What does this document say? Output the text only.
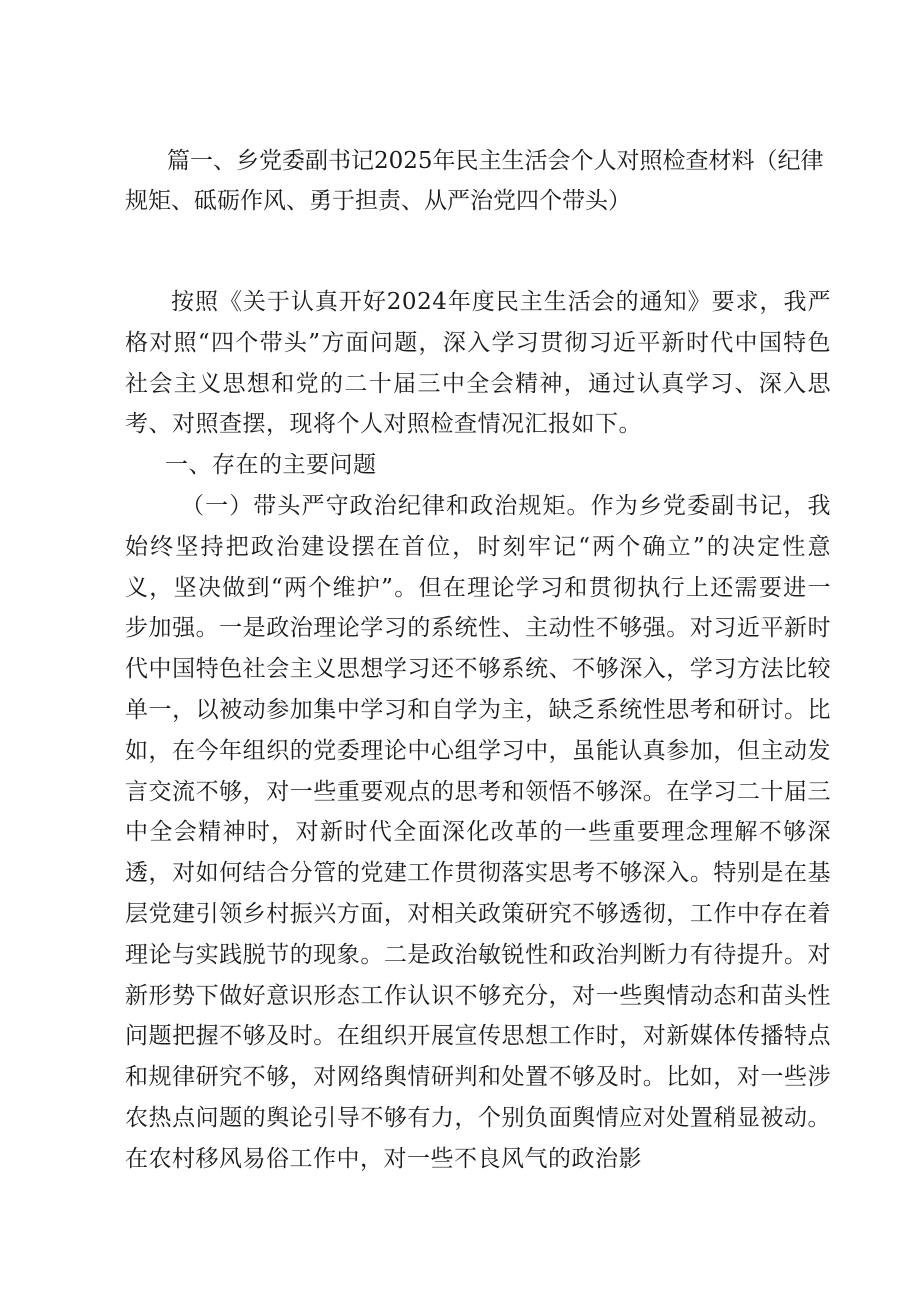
篇一、乡党委副书记2025年民主生活会个人对照检查材料（纪律规矩、砥砺作风、勇于担责、从严治党四个带头）

按照《关于认真开好2024年度民主生活会的通知》要求，我严格对照“四个带头”方面问题，深入学习贯彻习近平新时代中国特色社会主义思想和党的二十届三中全会精神，通过认真学习、深入思考、对照查摆，现将个人对照检查情况汇报如下。

一、存在的主要问题

（一）带头严守政治纪律和政治规矩。作为乡党委副书记，我始终坚持把政治建设摆在首位，时刻牢记“两个确立”的决定性意义，坚决做到“两个维护”。但在理论学习和贯彻执行上还需要进一步加强。一是政治理论学习的系统性、主动性不够强。对习近平新时代中国特色社会主义思想学习还不够系统、不够深入，学习方法比较单一，以被动参加集中学习和自学为主，缺乏系统性思考和研讨。比如，在今年组织的党委理论中心组学习中，虽能认真参加，但主动发言交流不够，对一些重要观点的思考和领悟不够深。在学习二十届三中全会精神时，对新时代全面深化改革的一些重要理念理解不够深透，对如何结合分管的党建工作贯彻落实思考不够深入。特别是在基层党建引领乡村振兴方面，对相关政策研究不够透彻，工作中存在着理论与实践脱节的现象。二是政治敏锐性和政治判断力有待提升。对新形势下做好意识形态工作认识不够充分，对一些舆情动态和苗头性问题把握不够及时。在组织开展宣传思想工作时，对新媒体传播特点和规律研究不够，对网络舆情研判和处置不够及时。比如，对一些涉农热点问题的舆论引导不够有力，个别负面舆情应对处置稍显被动。在农村移风易俗工作中，对一些不良风气的政治影
